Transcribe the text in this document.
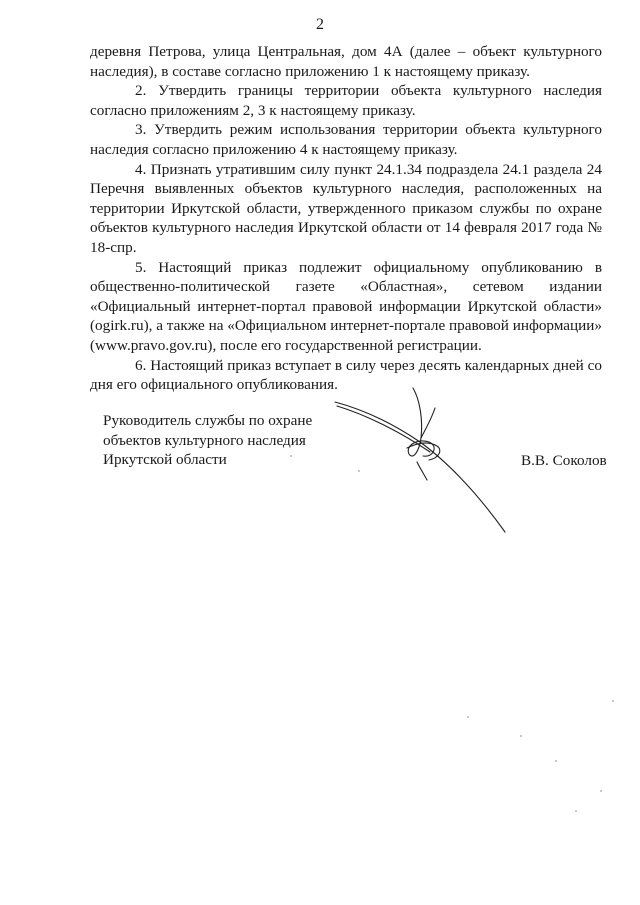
2

деревня Петрова, улица Центральная, дом 4А (далее – объект культурного наследия), в составе согласно приложению 1 к настоящему приказу.

2. Утвердить границы территории объекта культурного наследия согласно приложениям 2, 3 к настоящему приказу.

3. Утвердить режим использования территории объекта культурного наследия согласно приложению 4 к настоящему приказу.

4. Признать утратившим силу пункт 24.1.34 подраздела 24.1 раздела 24 Перечня выявленных объектов культурного наследия, расположенных на территории Иркутской области, утвержденного приказом службы по охране объектов культурного наследия Иркутской области от 14 февраля 2017 года № 18-спр.

5. Настоящий приказ подлежит официальному опубликованию в общественно-политической газете «Областная», сетевом издании «Официальный интернет-портал правовой информации Иркутской области» (ogirk.ru), а также на «Официальном интернет-портале правовой информации» (www.pravo.gov.ru), после его государственной регистрации.

6. Настоящий приказ вступает в силу через десять календарных дней со дня его официального опубликования.

Руководитель службы по охране
объектов культурного наследия
Иркутской области	В.В. Соколов
